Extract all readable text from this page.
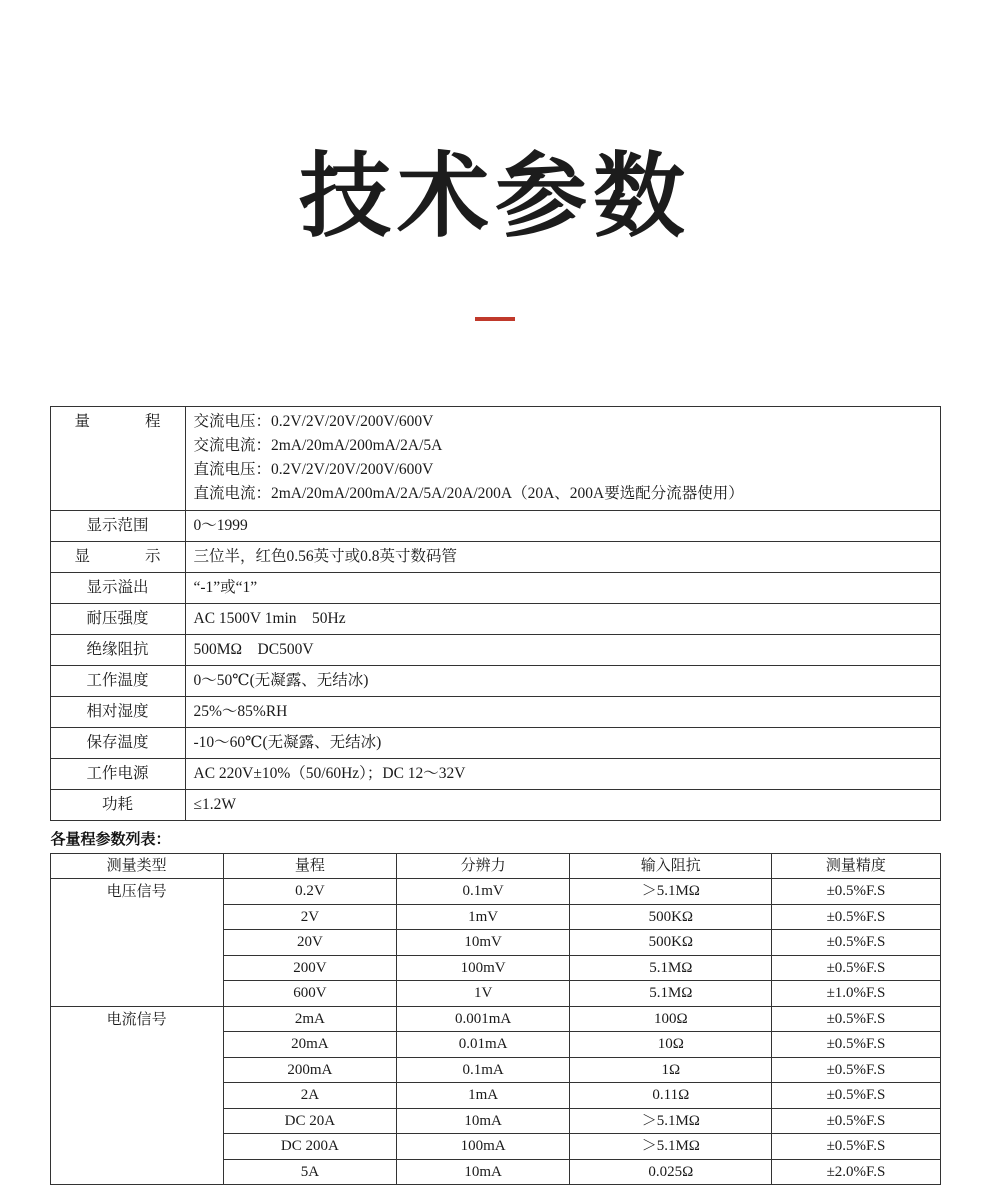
技术参数
量 程	交流电压：0.2V/2V/20V/200V/600V
交流电流：2mA/20mA/200mA/2A/5A
直流电压：0.2V/2V/20V/200V/600V
直流电流：2mA/20mA/200mA/2A/5A/20A/200A（20A、200A要选配分流器使用）

显示范围	0～1999
显 示	三位半，红色0.56英寸或0.8英寸数码管
显示溢出	“-1”或“1”
耐压强度	AC 1500V 1min　50Hz
绝缘阻抗	500MΩ　DC500V
工作温度	0～50℃(无凝露、无结冰)
相对湿度	25%～85%RH
保存温度	-10～60℃(无凝露、无结冰)
工作电源	AC 220V±10%（50/60Hz）；DC 12～32V
功耗	≤1.2W
各量程参数列表：
测量类型	量程	分辨力	输入阻抗	测量精度
电压信号	0.2V	0.1mV	＞5.1MΩ	±0.5%F.S
	2V	1mV	500KΩ	±0.5%F.S
	20V	10mV	500KΩ	±0.5%F.S
	200V	100mV	5.1MΩ	±0.5%F.S
	600V	1V	5.1MΩ	±1.0%F.S
电流信号	2mA	0.001mA	100Ω	±0.5%F.S
	20mA	0.01mA	10Ω	±0.5%F.S
	200mA	0.1mA	1Ω	±0.5%F.S
	2A	1mA	0.11Ω	±0.5%F.S
	DC 20A	10mA	＞5.1MΩ	±0.5%F.S
	DC 200A	100mA	＞5.1MΩ	±0.5%F.S
	5A	10mA	0.025Ω	±2.0%F.S
